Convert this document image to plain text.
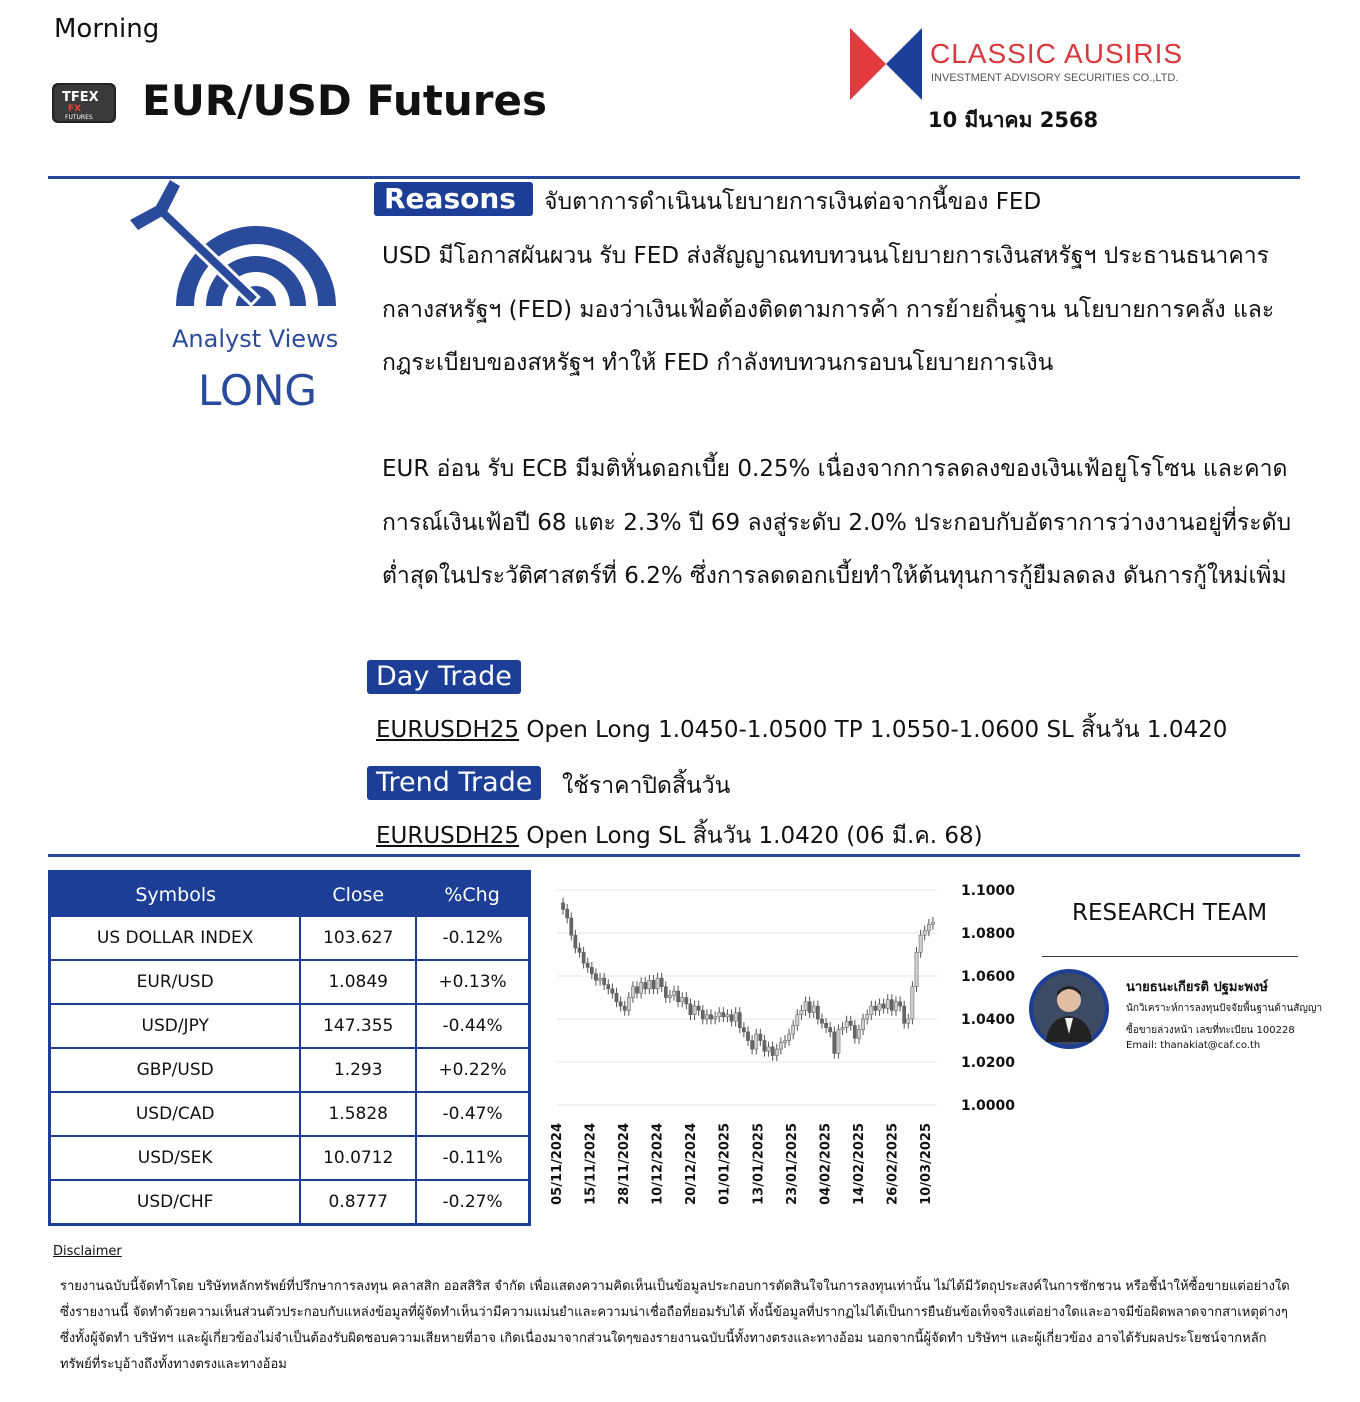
Morning
TFEX
FX
FUTURES EUR/USD Futures
CLASSIC AUSIRIS
INVESTMENT ADVISORY SECURITIES CO.,LTD.
10 มีนาคม 2568
Analyst Views
LONG
Reasons	จับตาการดำเนินนโยบายการเงินต่อจากนี้ของ FED
USD มีโอกาสผันผวน รับ FED ส่งสัญญาณทบทวนนโยบายการเงินสหรัฐฯ ประธานธนาคารกลางสหรัฐฯ (FED) มองว่าเงินเฟ้อต้องติดตามการค้า การย้ายถิ่นฐาน นโยบายการคลัง และกฎระเบียบของสหรัฐฯ ทำให้ FED กำลังทบทวนกรอบนโยบายการเงิน
EUR อ่อน รับ ECB มีมติหั่นดอกเบี้ย 0.25% เนื่องจากการลดลงของเงินเฟ้อยูโรโซน และคาดการณ์เงินเฟ้อปี 68 แตะ 2.3% ปี 69 ลงสู่ระดับ 2.0% ประกอบกับอัตราการว่างงานอยู่ที่ระดับต่ำสุดในประวัติศาสตร์ที่ 6.2% ซึ่งการลดดอกเบี้ยทำให้ต้นทุนการกู้ยืมลดลง ดันการกู้ใหม่เพิ่ม
Day Trade
EURUSDH25 Open Long 1.0450-1.0500 TP 1.0550-1.0600 SL สิ้นวัน 1.0420
Trend Trade	ใช้ราคาปิดสิ้นวัน
EURUSDH25 Open Long SL สิ้นวัน 1.0420 (06 มี.ค. 68)
Symbols	Close	%Chg
US DOLLAR INDEX	103.627	-0.12%
EUR/USD	1.0849	+0.13%
USD/JPY	147.355	-0.44%
GBP/USD	1.293	+0.22%
USD/CAD	1.5828	-0.47%
USD/SEK	10.0712	-0.11%
USD/CHF	0.8777	-0.27%
1.1000
1.0800
1.0600
1.0400
1.0200
1.0000
05/11/2024 15/11/2024 28/11/2024 10/12/2024 20/12/2024 01/01/2025 13/01/2025 23/01/2025 04/02/2025 14/02/2025 26/02/2025 10/03/2025
RESEARCH TEAM
นายธนะเกียรติ ปฐมะพงษ์
นักวิเคราะห์การลงทุนปัจจัยพื้นฐานด้านสัญญาซื้อขายล่วงหน้า เลขที่ทะเบียน 100228
Email: thanakiat@caf.co.th
Disclaimer
รายงานฉบับนี้จัดทำโดย บริษัทหลักทรัพย์ที่ปรึกษาการลงทุน คลาสสิก ออสสิริส จำกัด เพื่อแสดงความคิดเห็นเป็นข้อมูลประกอบการตัดสินใจในการลงทุนเท่านั้น ไม่ได้มีวัตถุประสงค์ในการชักชวน หรือชี้นำให้ซื้อขายแต่อย่างใด ซึ่งรายงานนี้ จัดทำด้วยความเห็นส่วนตัวประกอบกับแหล่งข้อมูลที่ผู้จัดทำเห็นว่ามีความแม่นยำและความน่าเชื่อถือที่ยอมรับได้ ทั้งนี้ข้อมูลที่ปรากฏไม่ได้เป็นการยืนยันข้อเท็จจริงแต่อย่างใดและอาจมีข้อผิดพลาดจากสาเหตุต่างๆ ซึ่งทั้งผู้จัดทำ บริษัทฯ และผู้เกี่ยวข้องไม่จำเป็นต้องรับผิดชอบความเสียหายที่อาจ เกิดเนื่องมาจากส่วนใดๆของรายงานฉบับนี้ทั้งทางตรงและทางอ้อม นอกจากนี้ผู้จัดทำ บริษัทฯ และผู้เกี่ยวข้อง อาจได้รับผลประโยชน์จากหลักทรัพย์ที่ระบุอ้างถึงทั้งทางตรงและทางอ้อม
